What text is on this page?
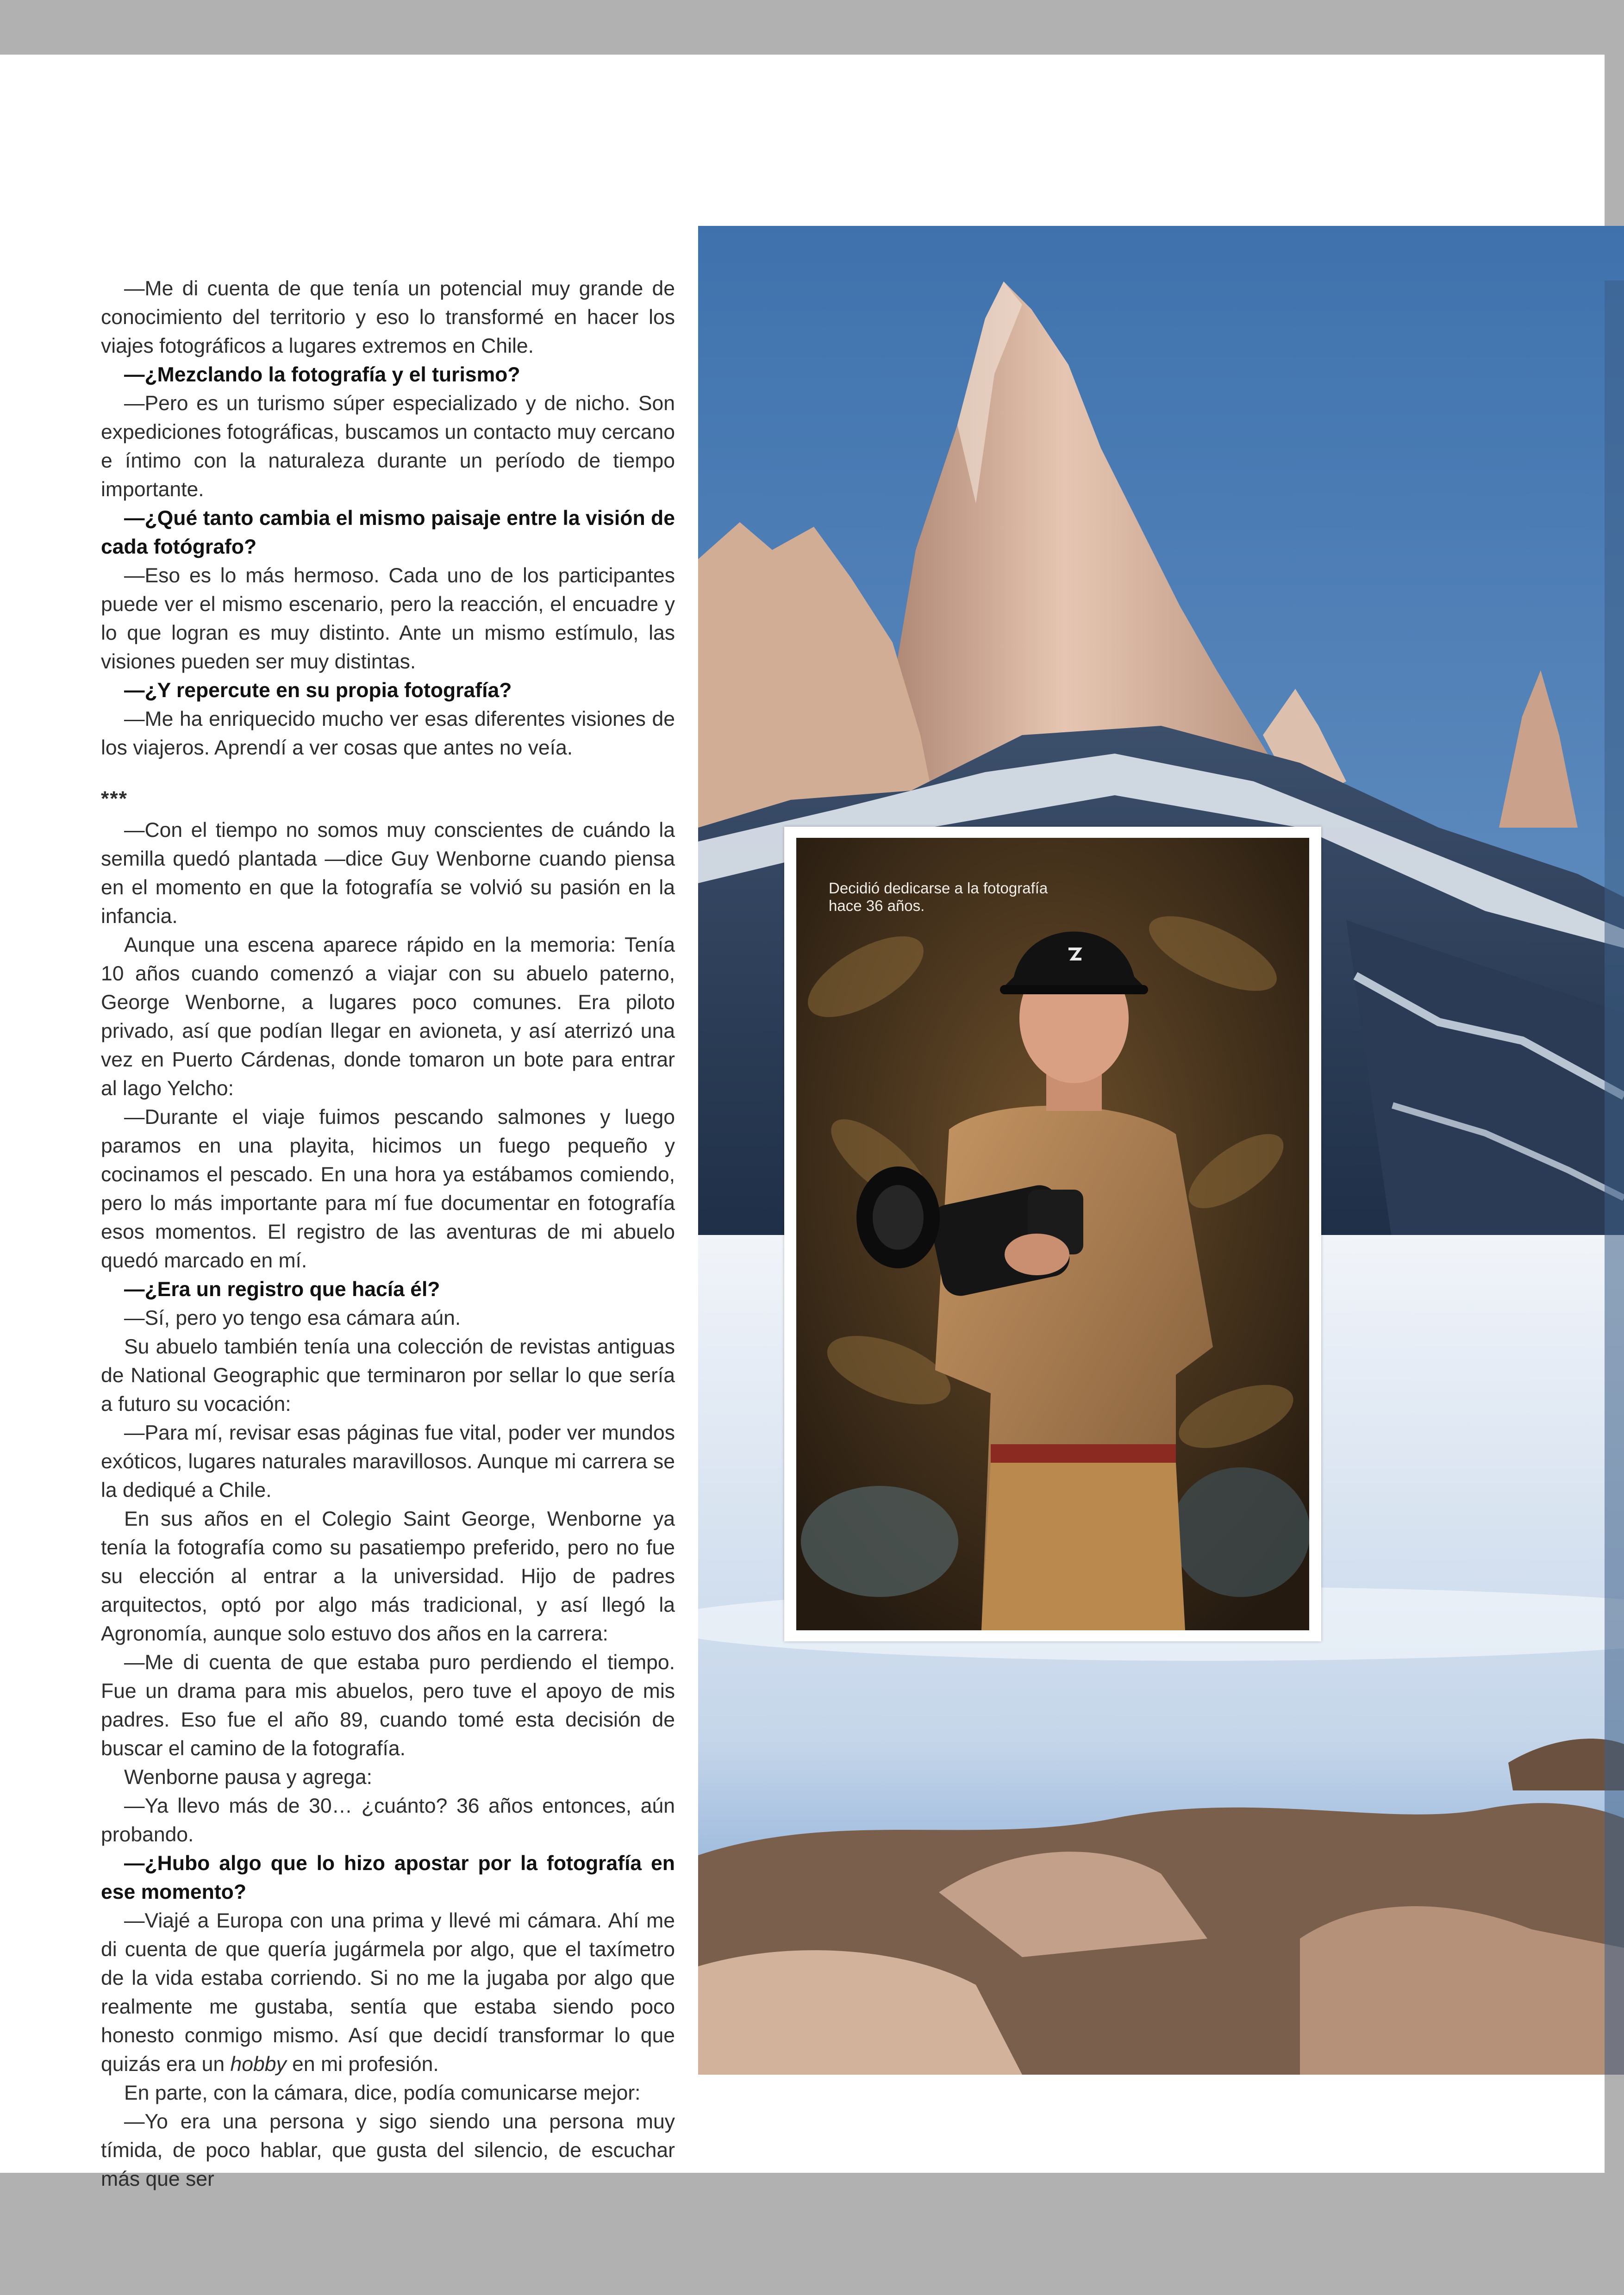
—Me di cuenta de que tenía un potencial muy grande de conocimiento del territorio y eso lo transformé en hacer los viajes fotográficos a lugares extremos en Chile.

—¿Mezclando la fotografía y el turismo?

—Pero es un turismo súper especializado y de nicho. Son expediciones fotográficas, buscamos un contacto muy cercano e íntimo con la naturaleza durante un período de tiempo importante.

—¿Qué tanto cambia el mismo paisaje entre la visión de cada fotógrafo?

—Eso es lo más hermoso. Cada uno de los participantes puede ver el mismo escenario, pero la reacción, el encuadre y lo que logran es muy distinto. Ante un mismo estímulo, las visiones pueden ser muy distintas.

—¿Y repercute en su propia fotografía?

—Me ha enriquecido mucho ver esas diferentes visiones de los viajeros. Aprendí a ver cosas que antes no veía.

***

—Con el tiempo no somos muy conscientes de cuándo la semilla quedó plantada —dice Guy Wenborne cuando piensa en el momento en que la fotografía se volvió su pasión en la infancia.

Aunque una escena aparece rápido en la memoria: Tenía 10 años cuando comenzó a viajar con su abuelo paterno, George Wenborne, a lugares poco comunes. Era piloto privado, así que podían llegar en avioneta, y así aterrizó una vez en Puerto Cárdenas, donde tomaron un bote para entrar al lago Yelcho:

—Durante el viaje fuimos pescando salmones y luego paramos en una playita, hicimos un fuego pequeño y cocinamos el pescado. En una hora ya estábamos comiendo, pero lo más importante para mí fue documentar en fotografía esos momentos. El registro de las aventuras de mi abuelo quedó marcado en mí.

—¿Era un registro que hacía él?

—Sí, pero yo tengo esa cámara aún.

Su abuelo también tenía una colección de revistas antiguas de National Geographic que terminaron por sellar lo que sería a futuro su vocación:

—Para mí, revisar esas páginas fue vital, poder ver mundos exóticos, lugares naturales maravillosos. Aunque mi carrera se la dediqué a Chile.

En sus años en el Colegio Saint George, Wenborne ya tenía la fotografía como su pasatiempo preferido, pero no fue su elección al entrar a la universidad. Hijo de padres arquitectos, optó por algo más tradicional, y así llegó la Agronomía, aunque solo estuvo dos años en la carrera:

—Me di cuenta de que estaba puro perdiendo el tiempo. Fue un drama para mis abuelos, pero tuve el apoyo de mis padres. Eso fue el año 89, cuando tomé esta decisión de buscar el camino de la fotografía.

Wenborne pausa y agrega:

—Ya llevo más de 30… ¿cuánto? 36 años entonces, aún probando.

—¿Hubo algo que lo hizo apostar por la fotografía en ese momento?

—Viajé a Europa con una prima y llevé mi cámara. Ahí me di cuenta de que quería jugármela por algo, que el taxímetro de la vida estaba corriendo. Si no me la jugaba por algo que realmente me gustaba, sentía que estaba siendo poco honesto conmigo mismo. Así que decidí transformar lo que quizás era un hobby en mi profesión.

En parte, con la cámara, dice, podía comunicarse mejor:

—Yo era una persona y sigo siendo una persona muy tímida, de poco hablar, que gusta del silencio, de escuchar más que ser

Decidió dedicarse a la fotografía hace 36 años.
